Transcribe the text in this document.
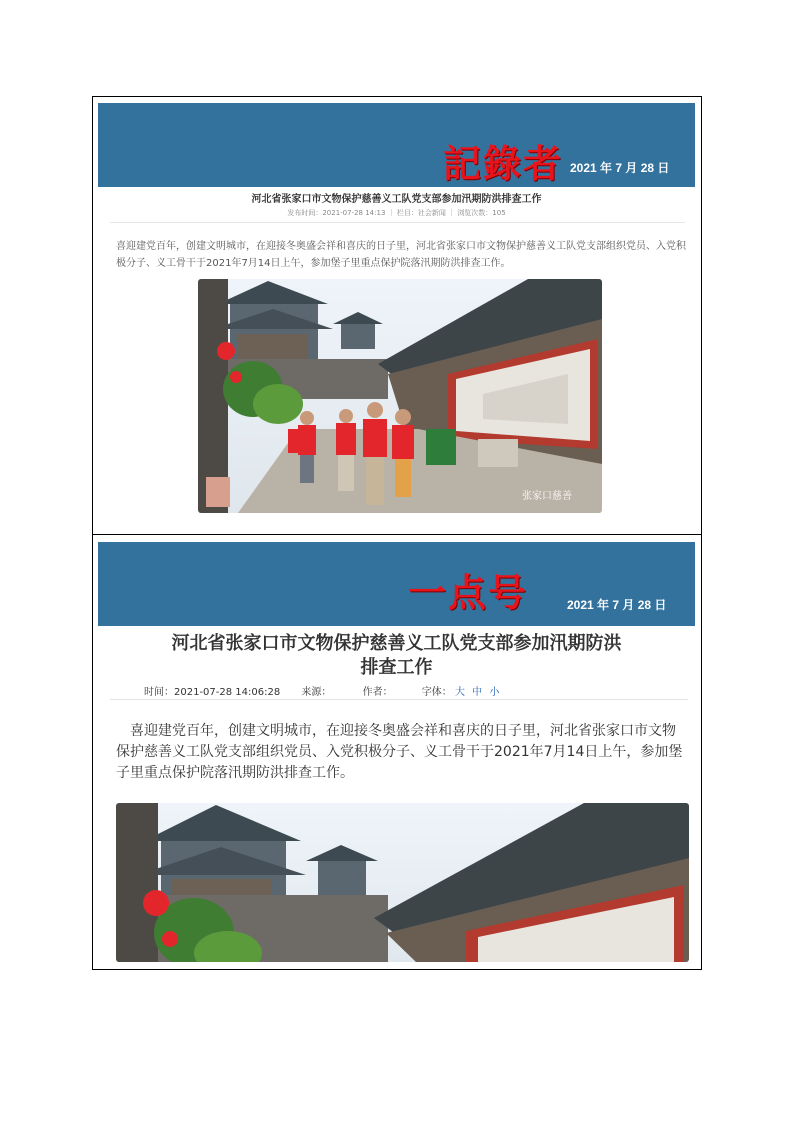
記錄者 2021 年 7 月 28 日
河北省张家口市文物保护慈善义工队党支部参加汛期防洪排查工作
发布时间：2021-07-28 14:13 ｜ 栏目：社会新闻 ｜ 浏览次数：105
喜迎建党百年，创建文明城市，在迎接冬奥盛会祥和喜庆的日子里，河北省张家口市文物保护慈善义工队党支部组织党员、入党积极分子、义工骨干于2021年7月14日上午，参加堡子里重点保护院落汛期防洪排查工作。
张家口慈善
一点号	2021 年 7 月 28 日
河北省张家口市文物保护慈善义工队党支部参加汛期防洪
排查工作
时间：2021-07-28 14:06:28 来源：	作者：	字体： 大 中 小
喜迎建党百年，创建文明城市，在迎接冬奥盛会祥和喜庆的日子里，河北省张家口市文物保护慈善义工队党支部组织党员、入党积极分子、义工骨干于2021年7月14日上午，参加堡子里重点保护院落汛期防洪排查工作。
